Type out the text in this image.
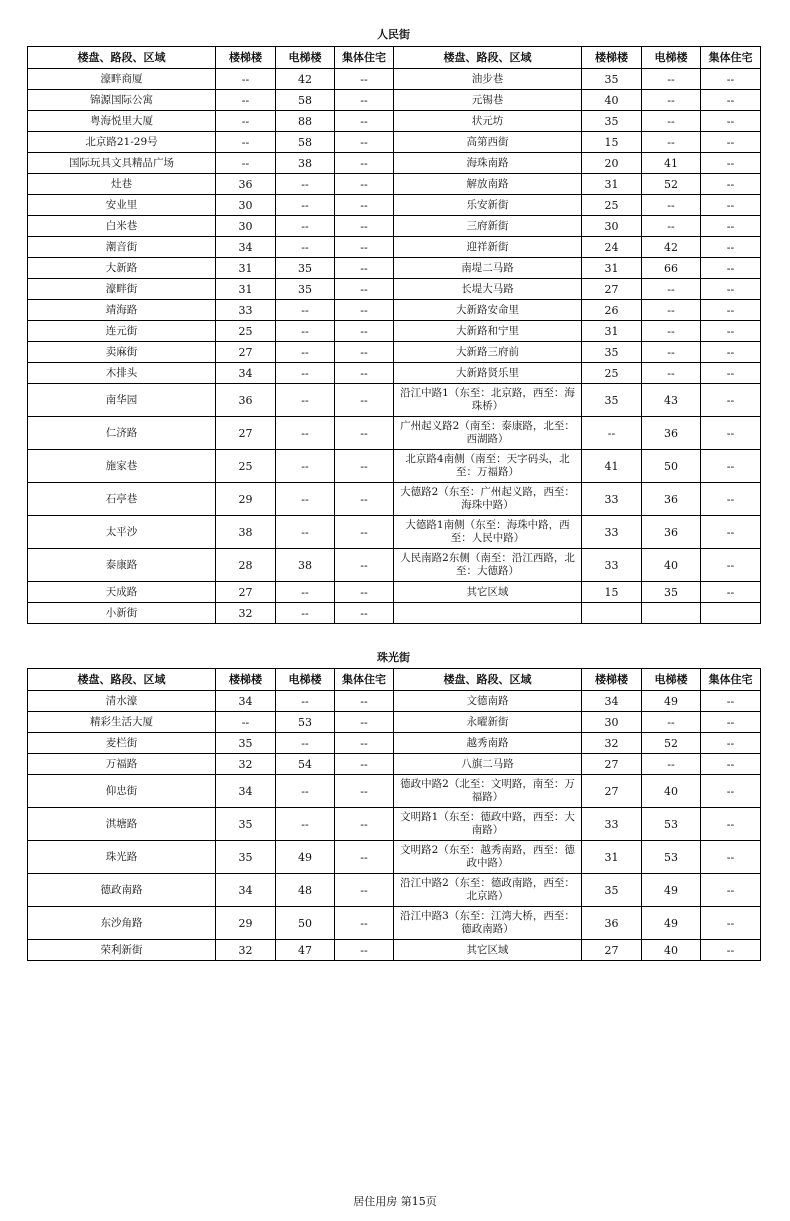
人民街
楼盘、路段、区域	楼梯楼	电梯楼	集体住宅	楼盘、路段、区域	楼梯楼	电梯楼	集体住宅
濠畔商厦	--	42	--	油步巷	35	--	--
锦源国际公寓	--	58	--	元锡巷	40	--	--
粤海悦里大厦	--	88	--	状元坊	35	--	--
北京路21-29号	--	58	--	高第西街	15	--	--
国际玩具文具精品广场	--	38	--	海珠南路	20	41	--
灶巷	36	--	--	解放南路	31	52	--
安业里	30	--	--	乐安新街	25	--	--
白米巷	30	--	--	三府新街	30	--	--
潮音街	34	--	--	迎祥新街	24	42	--
大新路	31	35	--	南堤二马路	31	66	--
濠畔街	31	35	--	长堤大马路	27	--	--
靖海路	33	--	--	大新路安命里	26	--	--
连元街	25	--	--	大新路和宁里	31	--	--
卖麻街	27	--	--	大新路三府前	35	--	--
木排头	34	--	--	大新路贤乐里	25	--	--
南华园	36	--	--	沿江中路1（东至：北京路，西至：海珠桥）	35	43	--
仁济路	27	--	--	广州起义路2（南至：泰康路，北至：西湖路）	--	36	--
施家巷	25	--	--	北京路4南侧（南至：天字码头，北至：万福路）	41	50	--
石亭巷	29	--	--	大德路2（东至：广州起义路，西至：海珠中路）	33	36	--
太平沙	38	--	--	大德路1南侧（东至：海珠中路，西至：人民中路）	33	36	--
泰康路	28	38	--	人民南路2东侧（南至：沿江西路，北至：大德路）	33	40	--
天成路	27	--	--	其它区域	15	35	--
小新街	32	--	--				
珠光街
楼盘、路段、区域	楼梯楼	电梯楼	集体住宅	楼盘、路段、区域	楼梯楼	电梯楼	集体住宅
清水濠	34	--	--	文德南路	34	49	--
精彩生活大厦	--	53	--	永曜新街	30	--	--
麦栏街	35	--	--	越秀南路	32	52	--
万福路	32	54	--	八旗二马路	27	--	--
仰忠街	34	--	--	德政中路2（北至：文明路，南至：万福路）	27	40	--
淇塘路	35	--	--	文明路1（东至：德政中路，西至：大南路）	33	53	--
珠光路	35	49	--	文明路2（东至：越秀南路，西至：德政中路）	31	53	--
德政南路	34	48	--	沿江中路2（东至：德政南路，西至：北京路）	35	49	--
东沙角路	29	50	--	沿江中路3（东至：江湾大桥，西至：德政南路）	36	49	--
荣利新街	32	47	--	其它区域	27	40	--
居住用房 第15页
